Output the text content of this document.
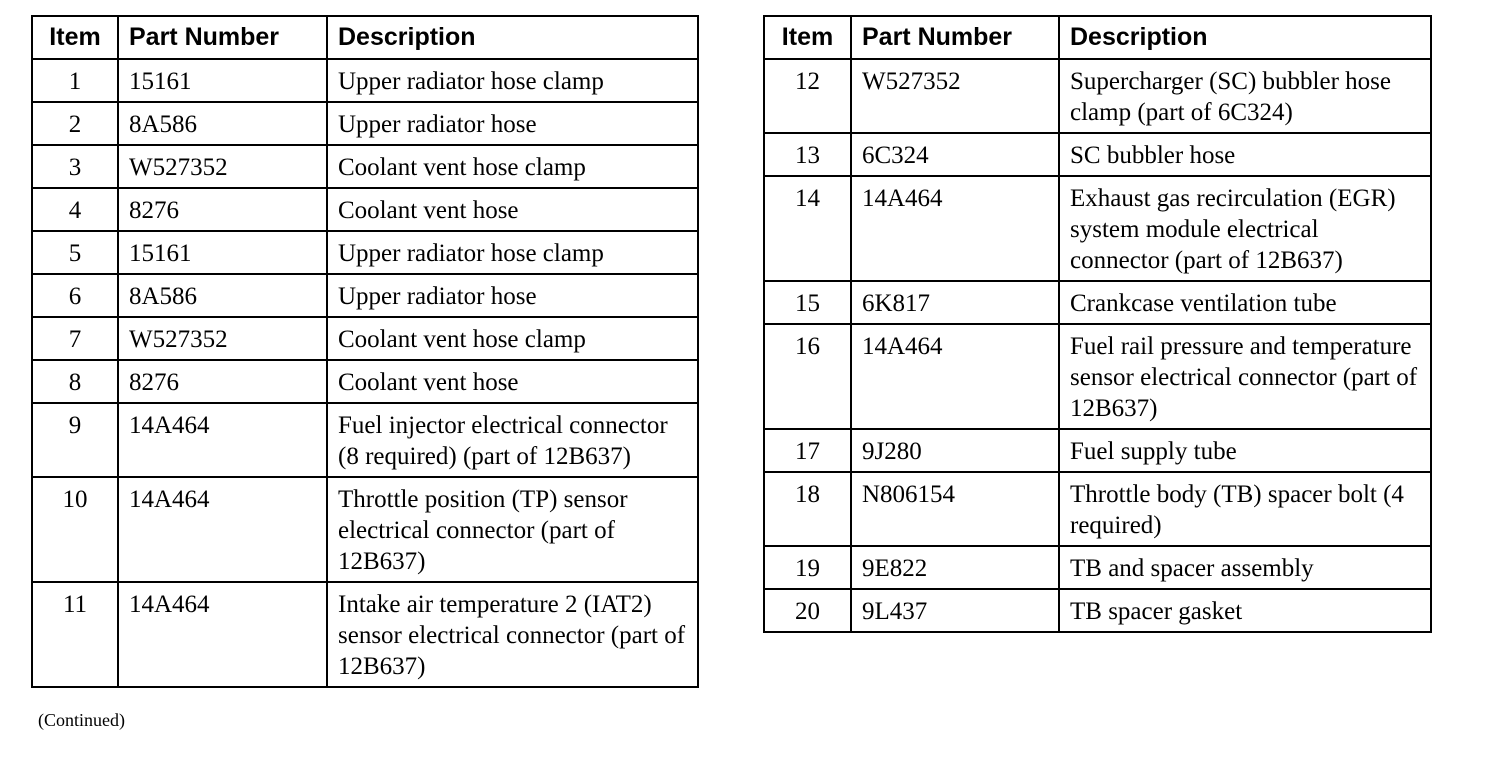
Item	Part Number	Description
1	15161	Upper radiator hose clamp
2	8A586	Upper radiator hose
3	W527352	Coolant vent hose clamp
4	8276	Coolant vent hose
5	15161	Upper radiator hose clamp
6	8A586	Upper radiator hose
7	W527352	Coolant vent hose clamp
8	8276	Coolant vent hose
9	14A464	Fuel injector electrical connector (8 required) (part of 12B637)
10	14A464	Throttle position (TP) sensor electrical connector (part of 12B637)
11	14A464	Intake air temperature 2 (IAT2) sensor electrical connector (part of 12B637)
Item	Part Number	Description
12	W527352	Supercharger (SC) bubbler hose clamp (part of 6C324)
13	6C324	SC bubbler hose
14	14A464	Exhaust gas recirculation (EGR) system module electrical connector (part of 12B637)
15	6K817	Crankcase ventilation tube
16	14A464	Fuel rail pressure and temperature sensor electrical connector (part of 12B637)
17	9J280	Fuel supply tube
18	N806154	Throttle body (TB) spacer bolt (4 required)
19	9E822	TB and spacer assembly
20	9L437	TB spacer gasket
(Continued)
